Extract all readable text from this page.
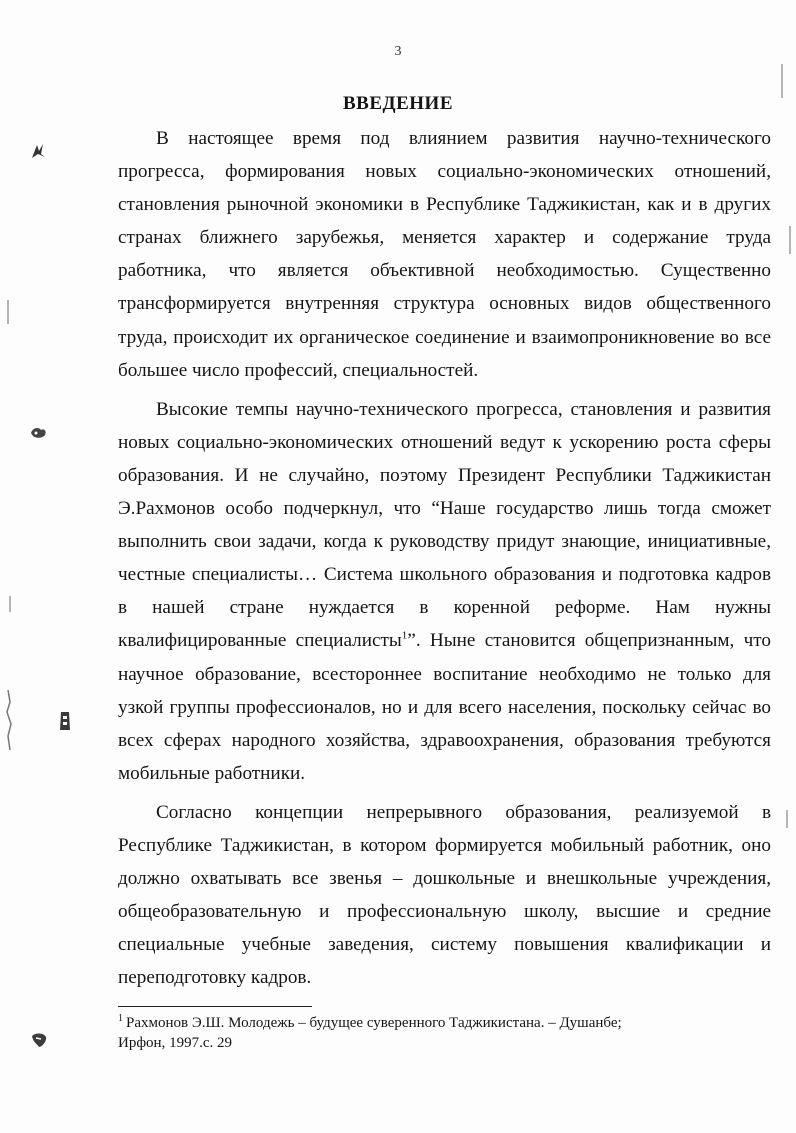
3
ВВЕДЕНИЕ

В настоящее время под влиянием развития научно-технического прогресса, формирования новых социально-экономических отношений, становления рыночной экономики в Республике Таджикистан, как и в других странах ближнего зарубежья, меняется характер и содержание труда работника, что является объективной необходимостью. Существенно трансформируется внутренняя структура основных видов общественного труда, происходит их органическое соединение и взаимопроникновение во все большее число профессий, специальностей.

Высокие темпы научно-технического прогресса, становления и развития новых социально-экономических отношений ведут к ускорению роста сферы образования. И не случайно, поэтому Президент Республики Таджикистан Э.Рахмонов особо подчеркнул, что “Наше государство лишь тогда сможет выполнить свои задачи, когда к руководству придут знающие, инициативные, честные специалисты… Система школьного образования и подготовка кадров в нашей стране нуждается в коренной реформе. Нам нужны квалифицированные специалисты$^1$”. Ныне становится общепризнанным, что научное образование, всестороннее воспитание необходимо не только для узкой группы профессионалов, но и для всего населения, поскольку сейчас во всех сферах народного хозяйства, здравоохранения, образования требуются мобильные работники.

Согласно концепции непрерывного образования, реализуемой в Республике Таджикистан, в котором формируется мобильный работник, оно должно охватывать все звенья – дошкольные и внешкольные учреждения, общеобразовательную и профессиональную школу, высшие и средние специальные учебные заведения, систему повышения квалификации и переподготовку кадров.

$^1$ Рахмонов Э.Ш. Молодежь – будущее суверенного Таджикистана. – Душанбе;
Ирфон, 1997.с. 29
